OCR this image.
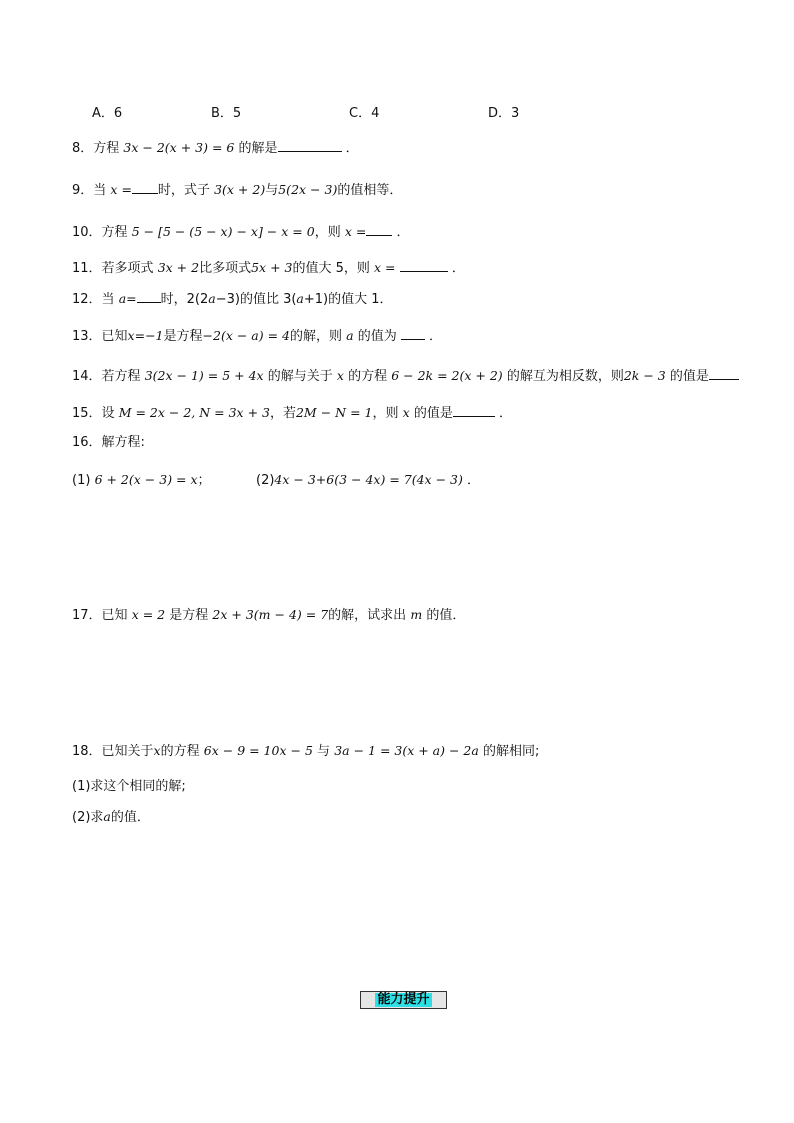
A．6	B．5	C．4	D．3
8．方程 3x − 2(x + 3) = 6 的解是	．
9．当 x = 时，式子 3(x + 2)与5(2x − 3)的值相等．
10．方程 5 − [5 − (5 − x) − x] − x = 0，则 x = ．
11．若多项式 3x + 2比多项式5x + 3的值大 5，则 x =	．
12．当 a= 时，2(2a−3)的值比 3(a+1)的值大 1．
13．已知x=−1是方程−2(x − a) = 4的解，则 a 的值为 ．
14．若方程 3(2x − 1) = 5 + 4x 的解与关于 x 的方程 6 − 2k = 2(x + 2) 的解互为相反数，则2k − 3 的值是
15．设 M = 2x − 2, N = 3x + 3，若2M − N = 1，则 x 的值是	．
16．解方程:
(1) 6 + 2(x − 3) = x；	(2)4x − 3+6(3 − 4x) = 7(4x − 3) ．
17．已知 x = 2 是方程 2x + 3(m − 4) = 7的解，试求出 m 的值．
18．已知关于x的方程 6x − 9 = 10x − 5 与 3a − 1 = 3(x + a) − 2a 的解相同;
(1)求这个相同的解;
(2)求a的值．
能力提升
